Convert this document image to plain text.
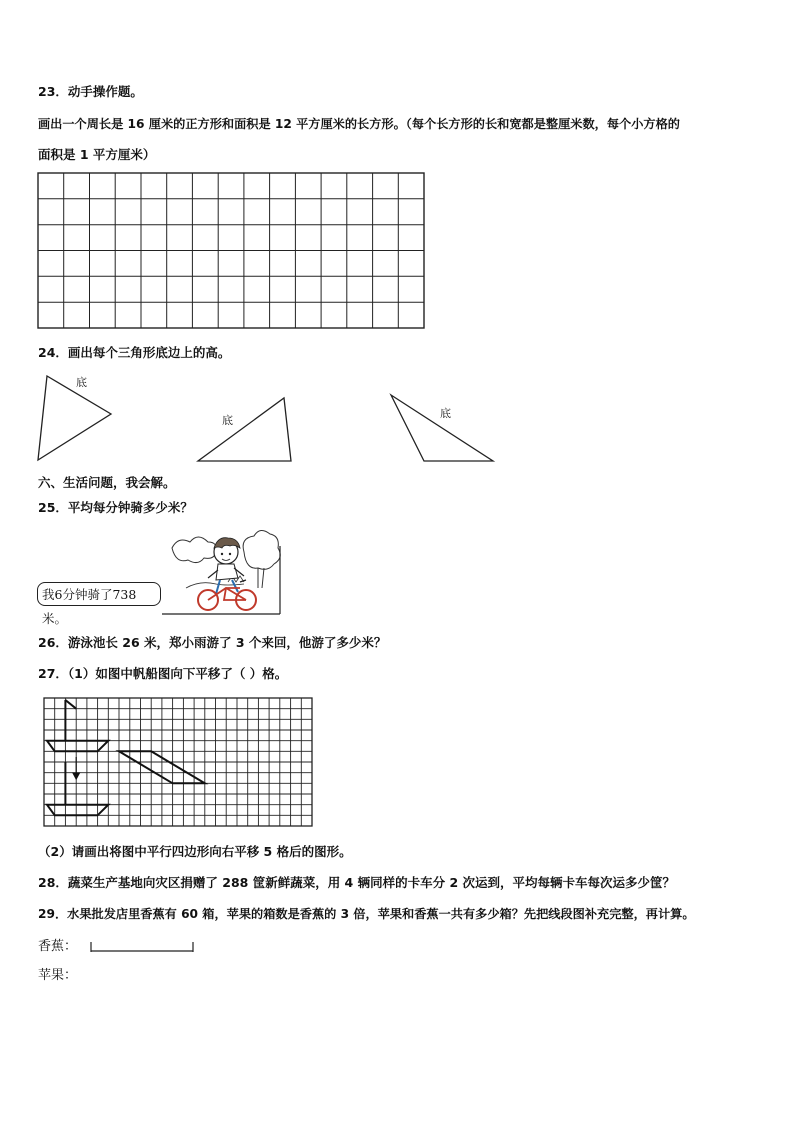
23．动手操作题。
画出一个周长是 16 厘米的正方形和面积是 12 平方厘米的长方形。（每个长方形的长和宽都是整厘米数，每个小方格的
面积是 1 平方厘米）
24．画出每个三角形底边上的高。
底
底
底
六、生活问题，我会解。
25．平均每分钟骑多少米？
我6分钟骑了738米。
26．游泳池长 26 米，郑小雨游了 3 个来回，他游了多少米？
27．（1）如图中帆船图向下平移了（ ）格。
（2）请画出将图中平行四边形向右平移 5 格后的图形。
28．蔬菜生产基地向灾区捐赠了 288 筐新鲜蔬菜，用 4 辆同样的卡车分 2 次运到，平均每辆卡车每次运多少筐？
29．水果批发店里香蕉有 60 箱，苹果的箱数是香蕉的 3 倍，苹果和香蕉一共有多少箱？先把线段图补充完整，再计算。
香蕉：
苹果：
